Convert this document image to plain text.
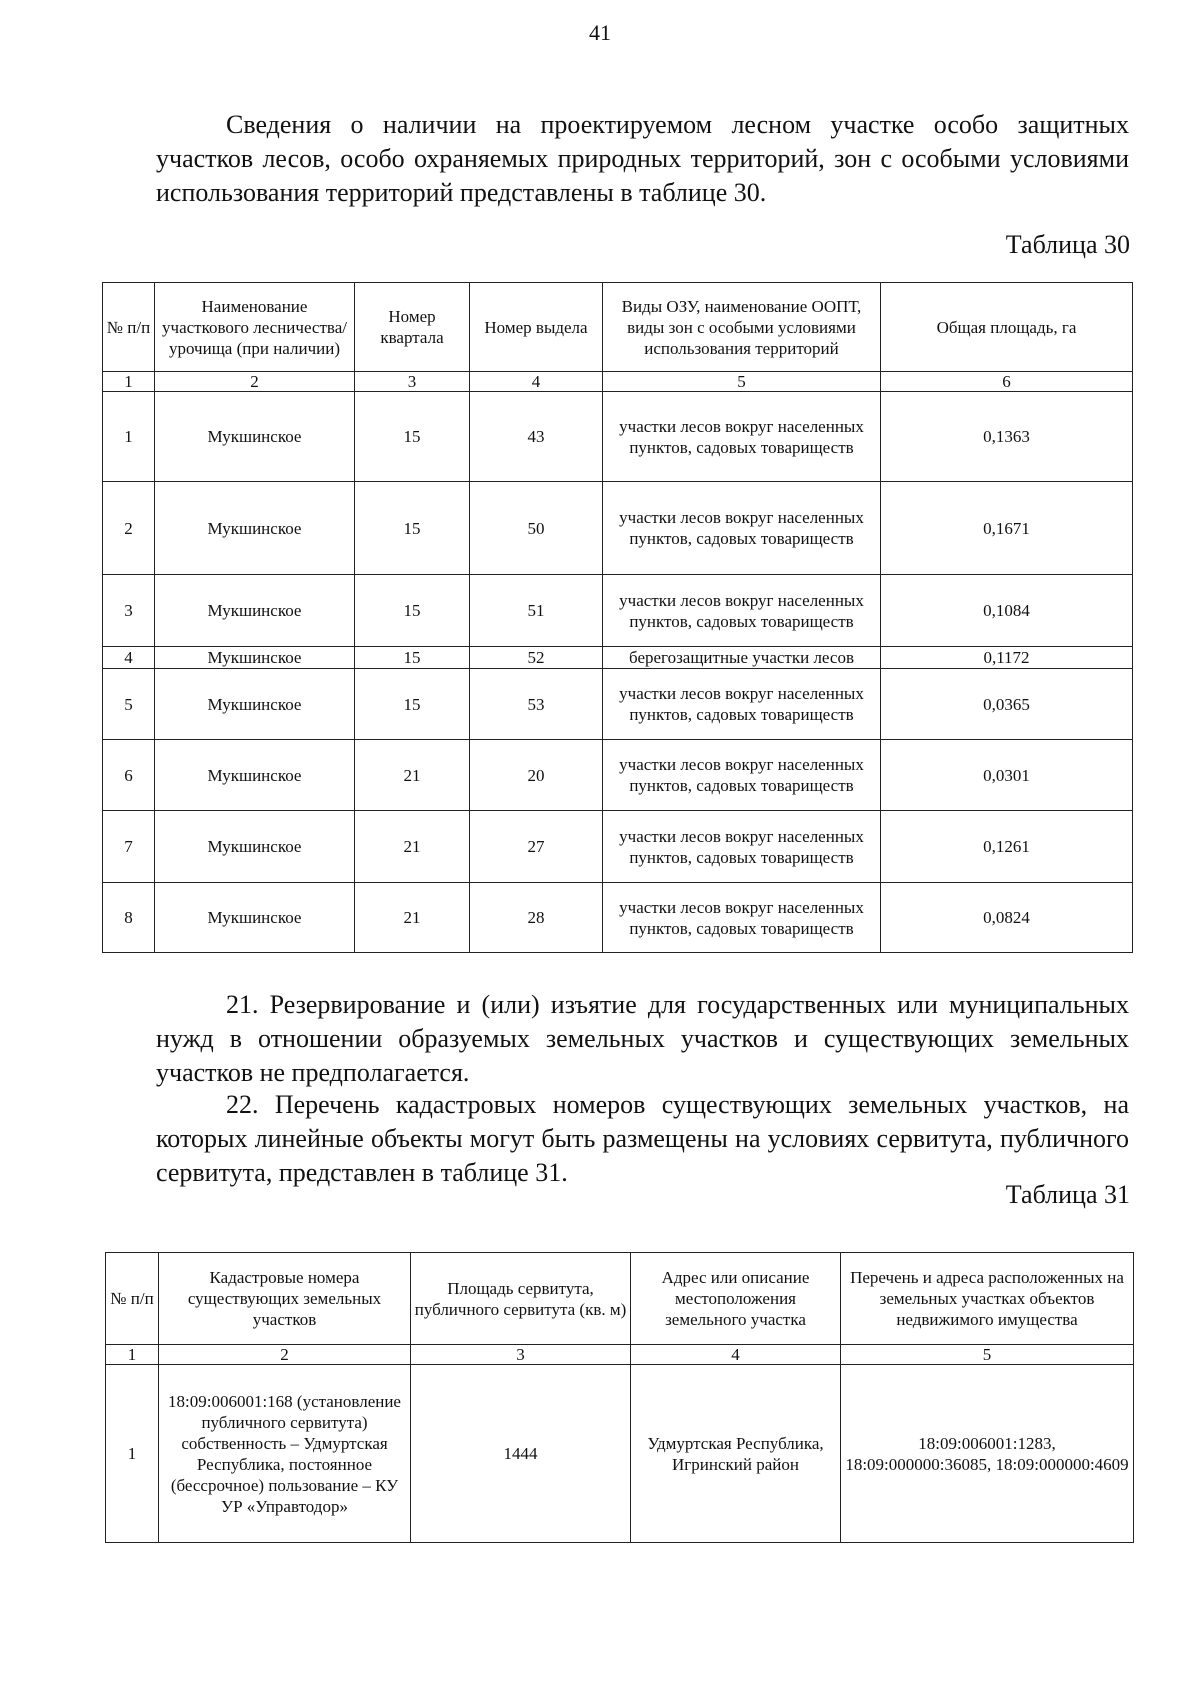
41

Сведения о наличии на проектируемом лесном участке особо защитных участков лесов, особо охраняемых природных территорий, зон с особыми условиями использования территорий представлены в таблице 30.

Таблица 30
№ п/п	Наименование участкового лесничества/урочища (при наличии)	Номер квартала	Номер выдела	Виды ОЗУ, наименование ООПТ, виды зон с особыми условиями использования территорий	Общая площадь, га
1	2	3	4	5	6
1	Мукшинское	15	43	участки лесов вокруг населенных пунктов, садовых товариществ	0,1363
2	Мукшинское	15	50	участки лесов вокруг населенных пунктов, садовых товариществ	0,1671
3	Мукшинское	15	51	участки лесов вокруг населенных пунктов, садовых товариществ	0,1084
4	Мукшинское	15	52	берегозащитные участки лесов	0,1172
5	Мукшинское	15	53	участки лесов вокруг населенных пунктов, садовых товариществ	0,0365
6	Мукшинское	21	20	участки лесов вокруг населенных пунктов, садовых товариществ	0,0301
7	Мукшинское	21	27	участки лесов вокруг населенных пунктов, садовых товариществ	0,1261
8	Мукшинское	21	28	участки лесов вокруг населенных пунктов, садовых товариществ	0,0824

21. Резервирование и (или) изъятие для государственных или муниципальных нужд в отношении образуемых земельных участков и существующих земельных участков не предполагается.

22. Перечень кадастровых номеров существующих земельных участков, на которых линейные объекты могут быть размещены на условиях сервитута, публичного сервитута, представлен в таблице 31.

Таблица 31
№ п/п	Кадастровые номера существующих земельных участков	Площадь сервитута, публичного сервитута (кв. м)	Адрес или описание местоположения земельного участка	Перечень и адреса расположенных на земельных участках объектов недвижимого имущества
1	2	3	4	5
1	18:09:006001:168 (установление публичного сервитута) собственность – Удмуртская Республика, постоянное (бессрочное) пользование – КУ УР «Управтодор»	1444	Удмуртская Республика, Игринский район	18:09:006001:1283, 18:09:000000:36085, 18:09:000000:4609
